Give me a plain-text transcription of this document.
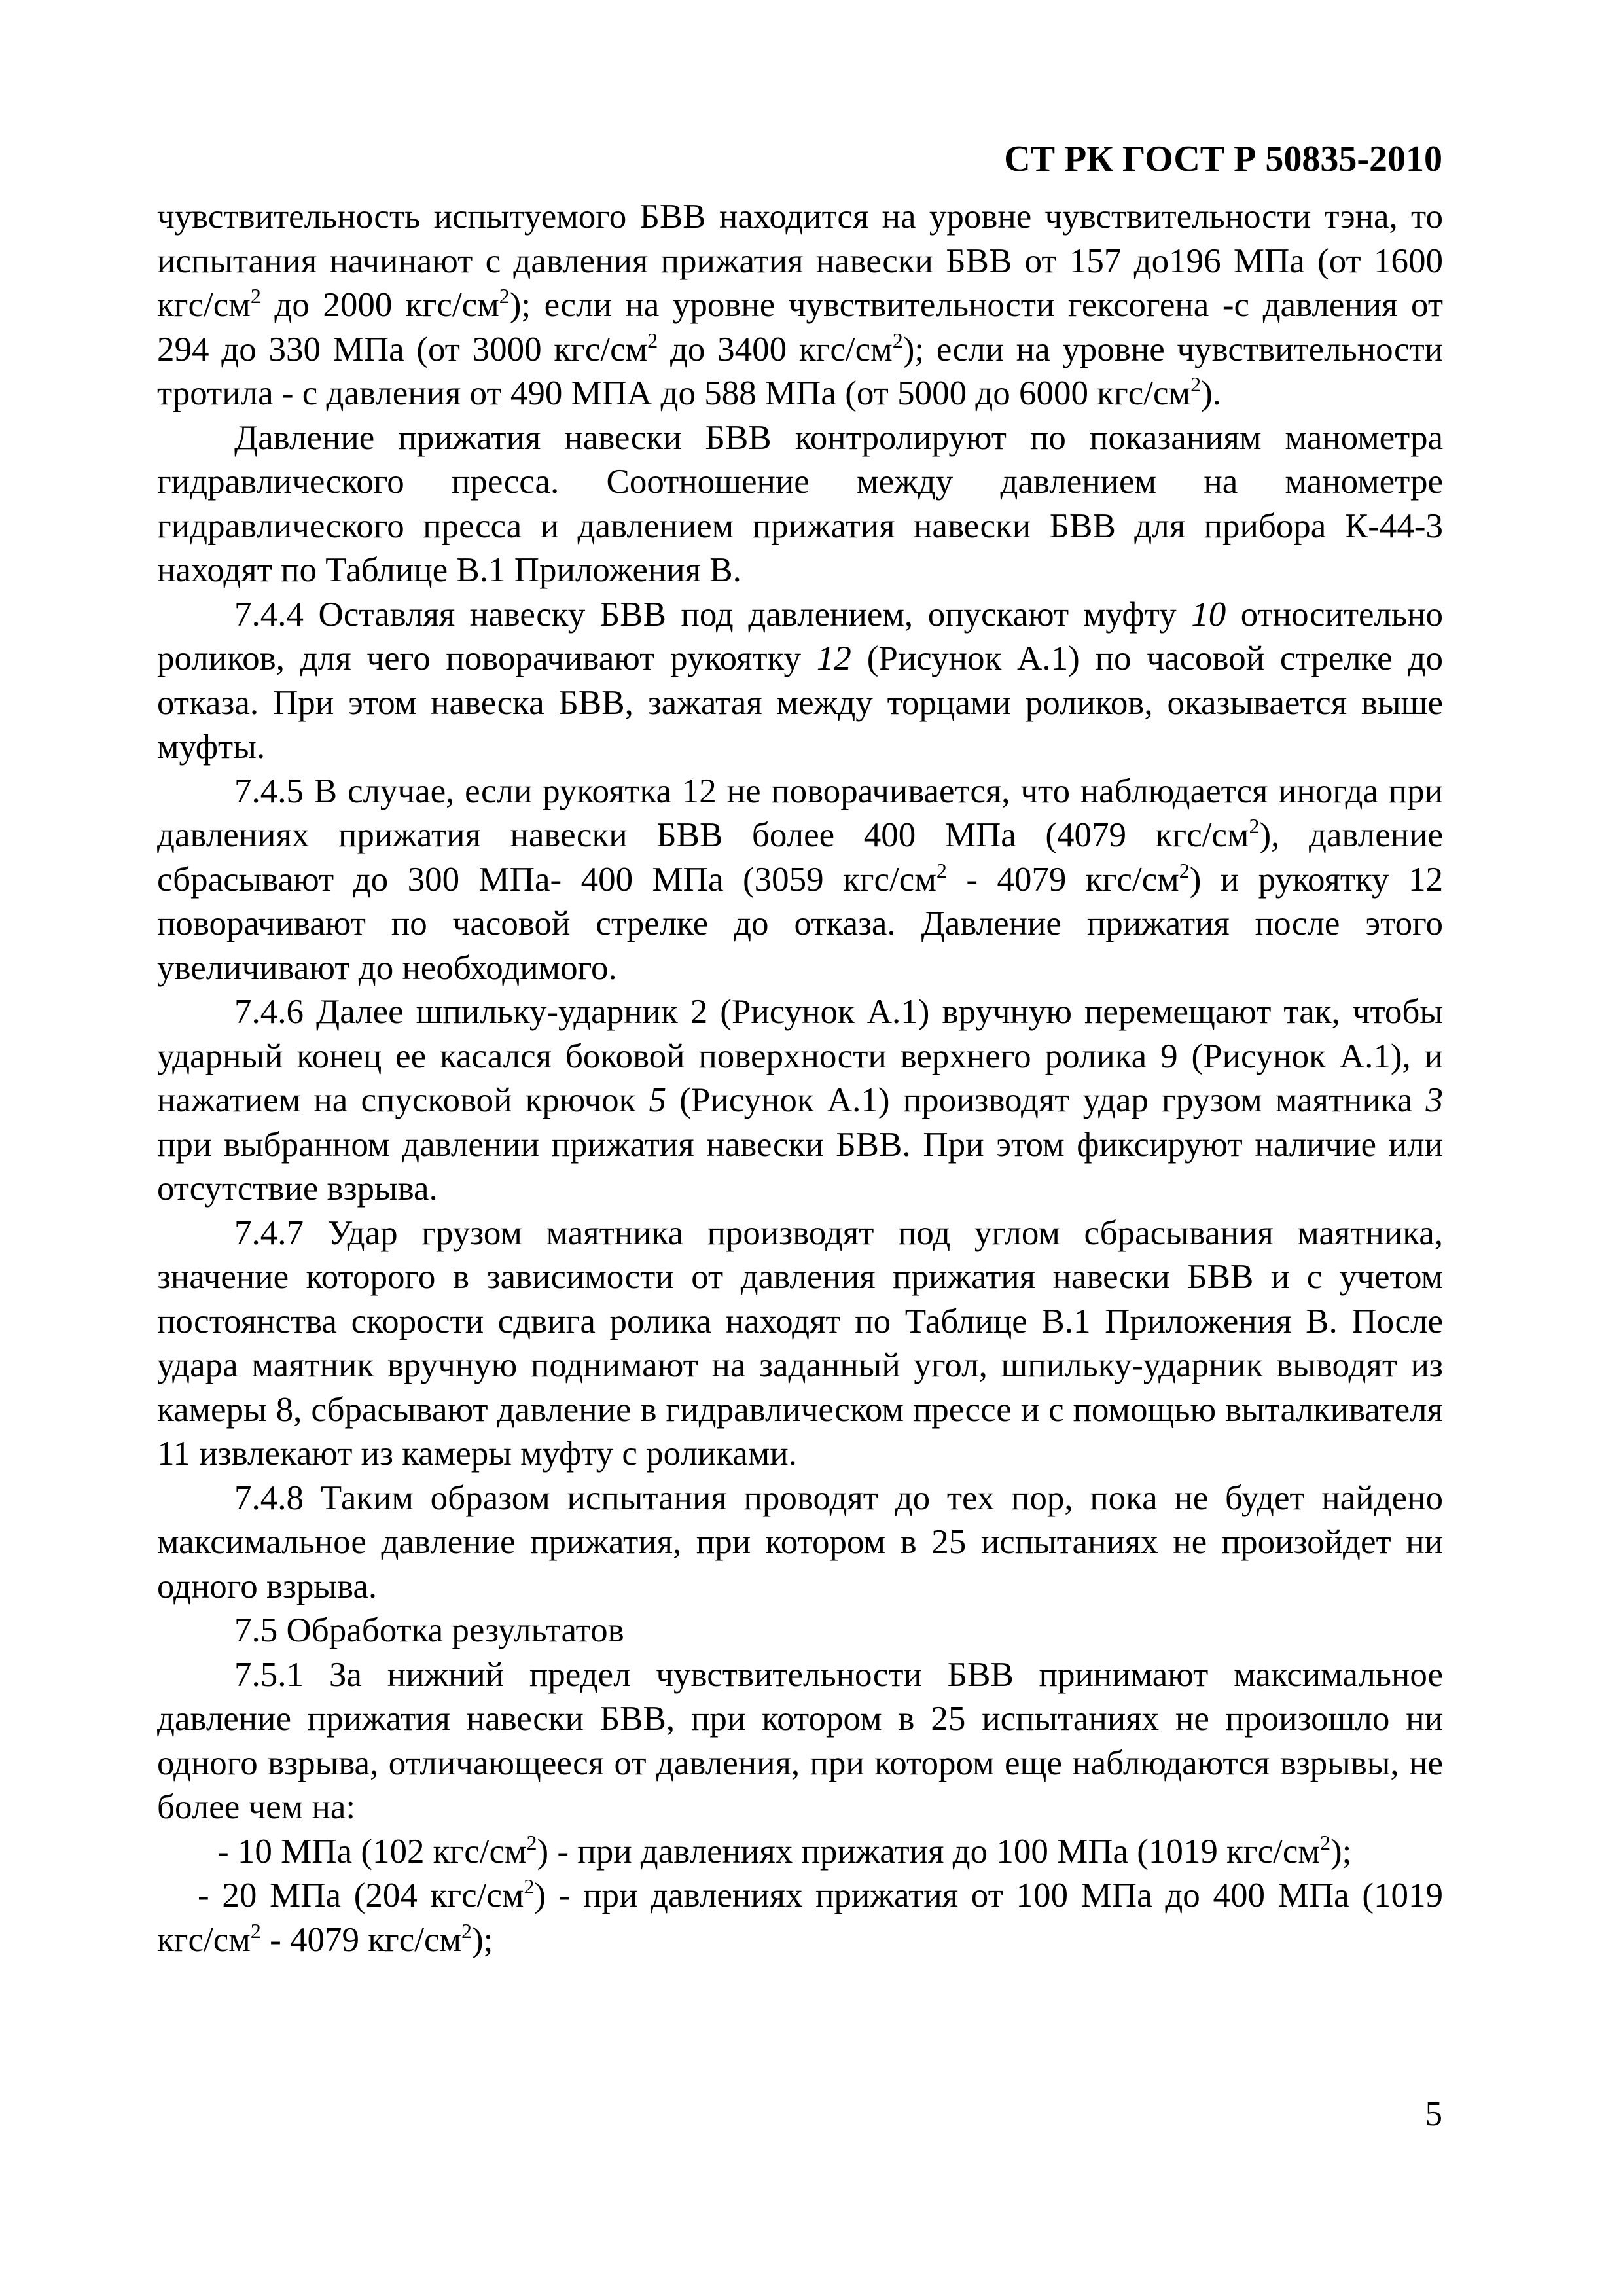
СТ РК ГОСТ Р 50835-2010

чувствительность испытуемого БВВ находится на уровне чувствительности тэна, то испытания начинают с давления прижатия навески БВВ от 157 до196 МПа (от 1600 кгс/$см^2$ до 2000 кгс/$см^2$); если на уровне чувствительности гексогена -с давления от 294 до 330 МПа (от 3000 кгс/$см^2$ до 3400 кгс/$см^2$); если на уровне чувствительности тротила - с давления от 490 МПА до 588 МПа (от 5000 до 6000 кгс/$см^2$).

Давление прижатия навески БВВ контролируют по показаниям манометра гидравлического пресса. Соотношение между давлением на манометре гидравлического пресса и давлением прижатия навески БВВ для прибора К-44-3 находят по Таблице В.1 Приложения В.

7.4.4 Оставляя навеску БВВ под давлением, опускают муфту 10 относительно роликов, для чего поворачивают рукоятку 12 (Рисунок А.1) по часовой стрелке до отказа. При этом навеска БВВ, зажатая между торцами роликов, оказывается выше муфты.

7.4.5 В случае, если рукоятка 12 не поворачивается, что наблюдается иногда при давлениях прижатия навески БВВ более 400 МПа (4079 кгс/$см^2$), давление сбрасывают до 300 МПа- 400 МПа (3059 кгс/$см^2 - 4079$ кгс/$см^2$) и рукоятку 12 поворачивают по часовой стрелке до отказа. Давление прижатия после этого увеличивают до необходимого.

7.4.6 Далее шпильку-ударник 2 (Рисунок А.1) вручную перемещают так, чтобы ударный конец ее касался боковой поверхности верхнего ролика 9 (Рисунок А.1), и нажатием на спусковой крючок 5 (Рисунок А.1) производят удар грузом маятника 3 при выбранном давлении прижатия навески БВВ. При этом фиксируют наличие или отсутствие взрыва.

7.4.7 Удар грузом маятника производят под углом сбрасывания маятника, значение которого в зависимости от давления прижатия навески БВВ и с учетом постоянства скорости сдвига ролика находят по Таблице В.1 Приложения В. После удара маятник вручную поднимают на заданный угол, шпильку-ударник выводят из камеры 8, сбрасывают давление в гидравлическом прессе и с помощью выталкивателя 11 извлекают из камеры муфту с роликами.

7.4.8 Таким образом испытания проводят до тех пор, пока не будет найдено максимальное давление прижатия, при котором в 25 испытаниях не произойдет ни одного взрыва.

7.5 Обработка результатов

7.5.1 За нижний предел чувствительности БВВ принимают максимальное давление прижатия навески БВВ, при котором в 25 испытаниях не произошло ни одного взрыва, отличающееся от давления, при котором еще наблюдаются взрывы, не более чем на:

- 10 МПа (102 кгс/$см^2$) - при давлениях прижатия до 100 МПа (1019 кгс/$см^2$);

- 20 МПа (204 кгс/$см^2$) - при давлениях прижатия от 100 МПа до 400 МПа (1019 кгс/$см^2 - 4079$ кгс/$см^2$);

5
